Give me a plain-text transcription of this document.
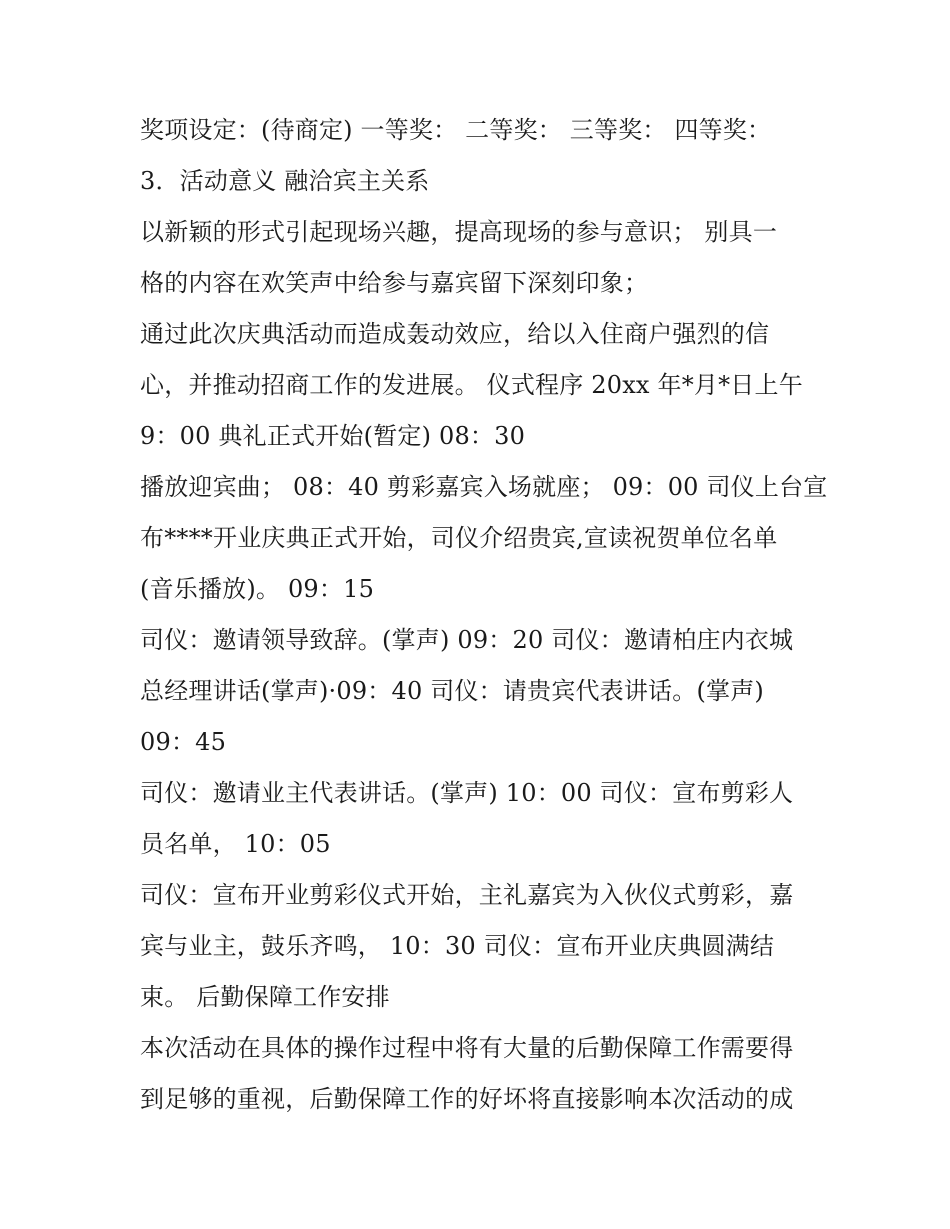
奖项设定：(待商定) 一等奖： 二等奖： 三等奖： 四等奖：
3．活动意义 融洽宾主关系
以新颖的形式引起现场兴趣，提高现场的参与意识； 别具一
格的内容在欢笑声中给参与嘉宾留下深刻印象；
通过此次庆典活动而造成轰动效应，给以入住商户强烈的信
心，并推动招商工作的发进展。 仪式程序 20xx 年*月*日上午
9：00 典礼正式开始(暂定) 08：30
播放迎宾曲； 08：40 剪彩嘉宾入场就座； 09：00 司仪上台宣
布****开业庆典正式开始，司仪介绍贵宾,宣读祝贺单位名单
(音乐播放)。 09：15
司仪：邀请领导致辞。(掌声) 09：20 司仪：邀请柏庄内衣城
总经理讲话(掌声)·09：40 司仪：请贵宾代表讲话。(掌声)
09：45
司仪：邀请业主代表讲话。(掌声) 10：00 司仪：宣布剪彩人
员名单， 10：05
司仪：宣布开业剪彩仪式开始，主礼嘉宾为入伙仪式剪彩，嘉
宾与业主，鼓乐齐鸣， 10：30 司仪：宣布开业庆典圆满结
束。 后勤保障工作安排
本次活动在具体的操作过程中将有大量的后勤保障工作需要得
到足够的重视，后勤保障工作的好坏将直接影响本次活动的成
